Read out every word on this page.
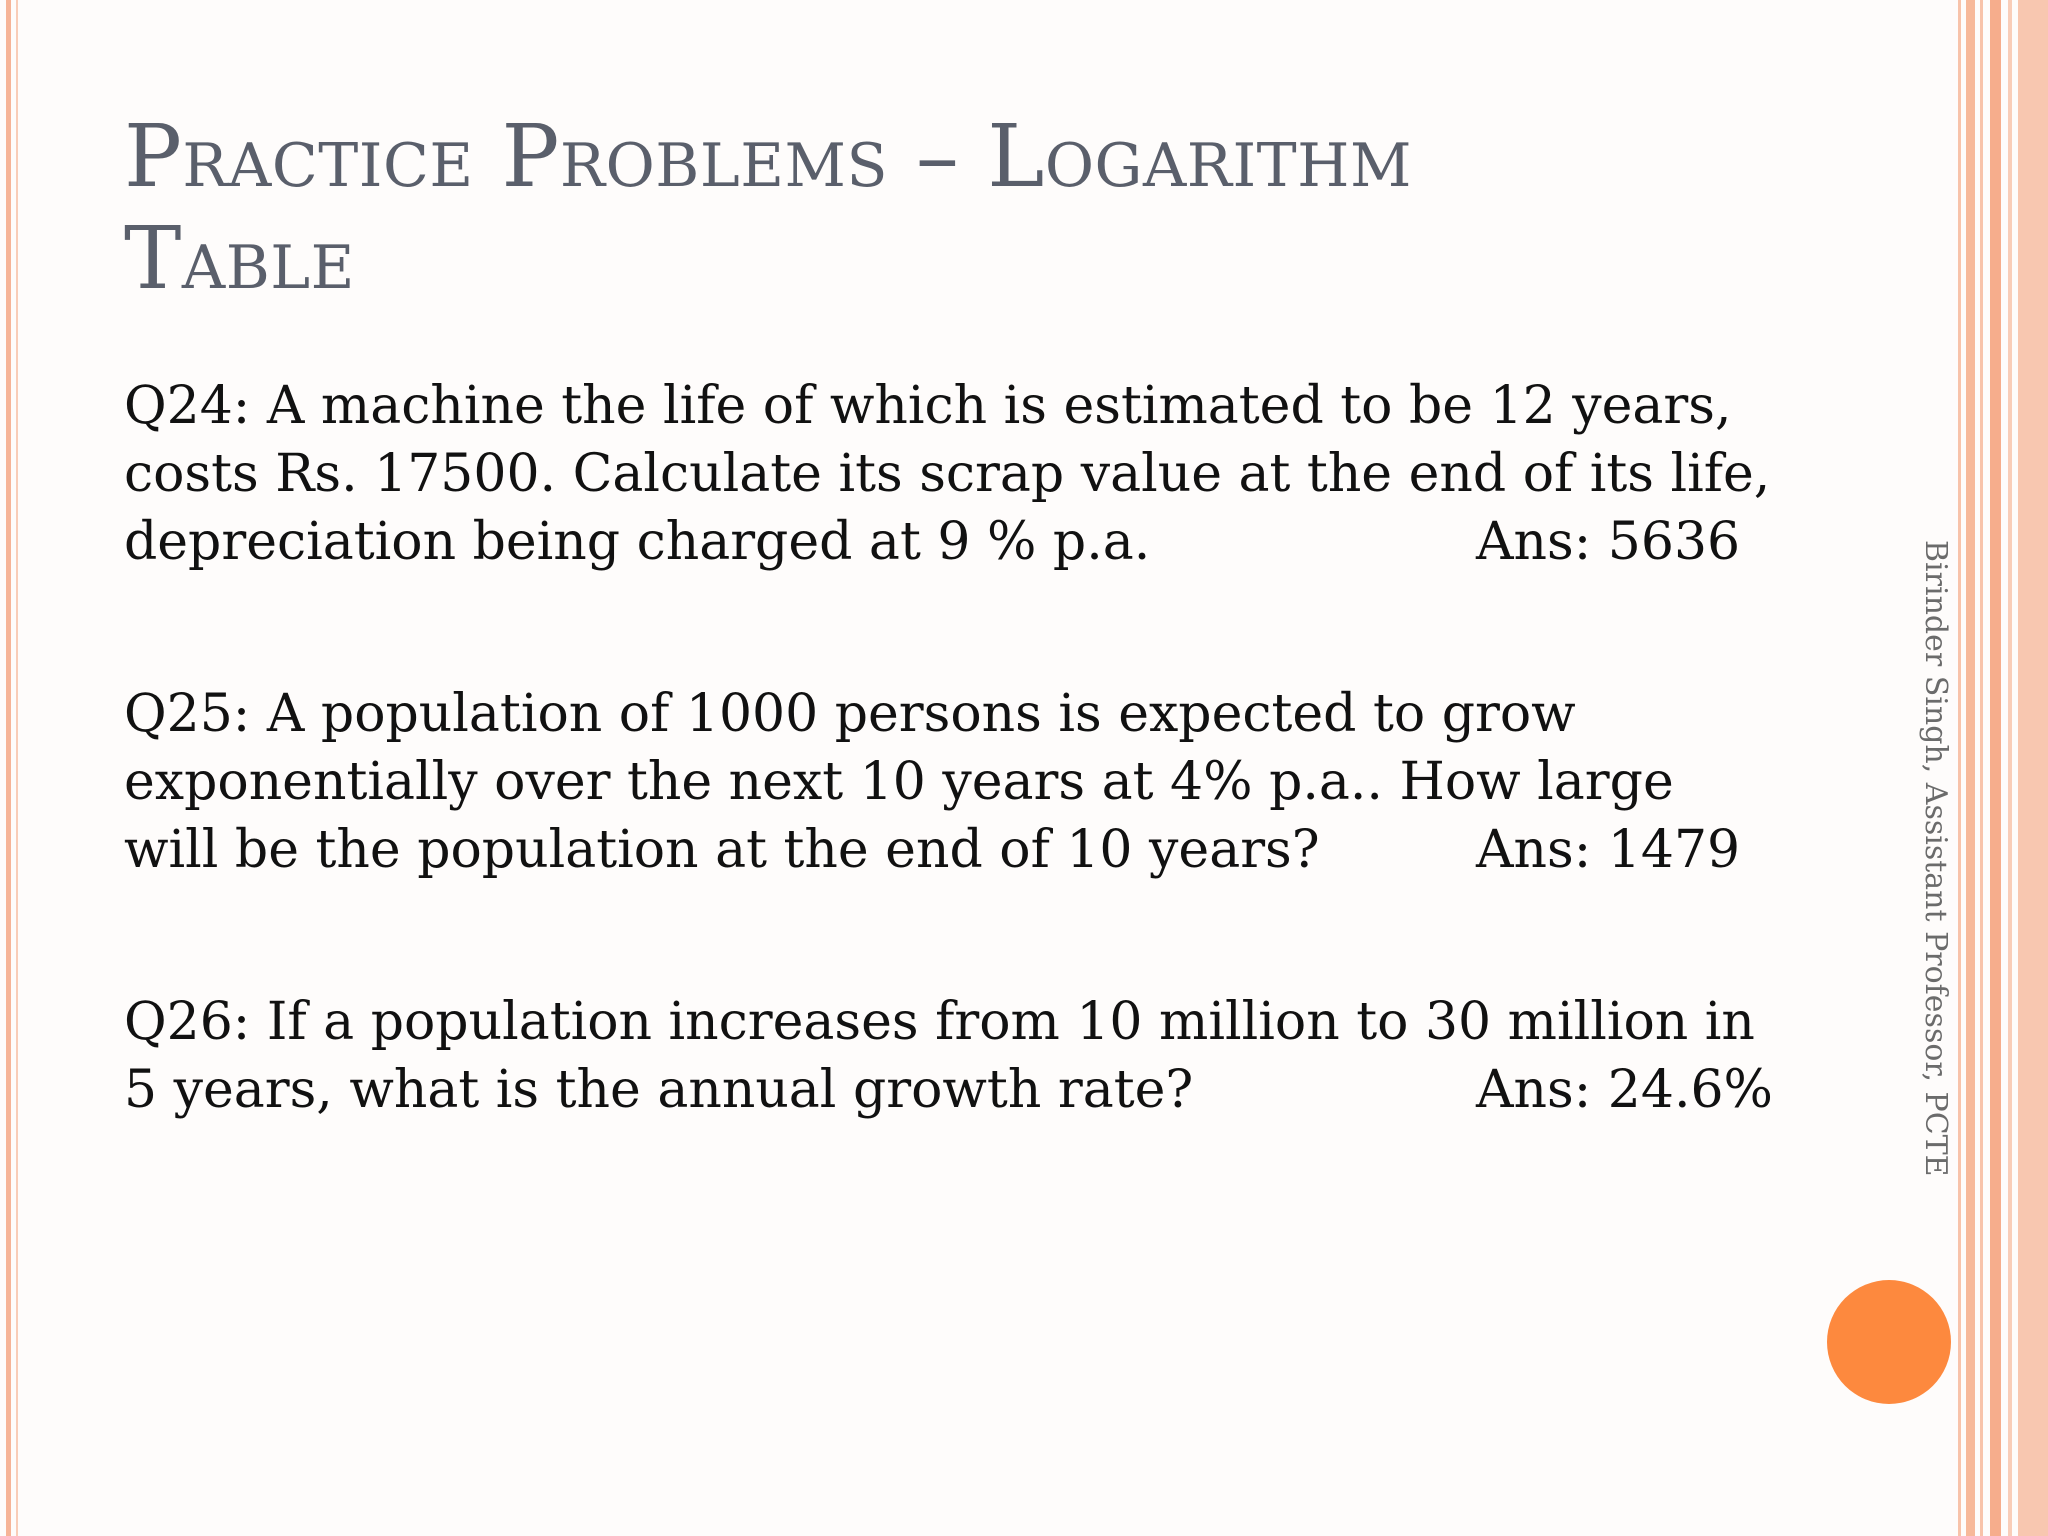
Practice Problems – Logarithm
Table
Q24: A machine the life of which is estimated to be 12 years,
costs Rs. 17500. Calculate its scrap value at the end of its life,
depreciation being charged at 9 % p.a.	Ans: 5636
Q25: A population of 1000 persons is expected to grow
exponentially over the next 10 years at 4% p.a.. How large
will be the population at the end of 10 years?	Ans: 1479
Q26: If a population increases from 10 million to 30 million in
5 years, what is the annual growth rate?	Ans: 24.6%	Birinder Singh, Assistant Professor, PCTE
